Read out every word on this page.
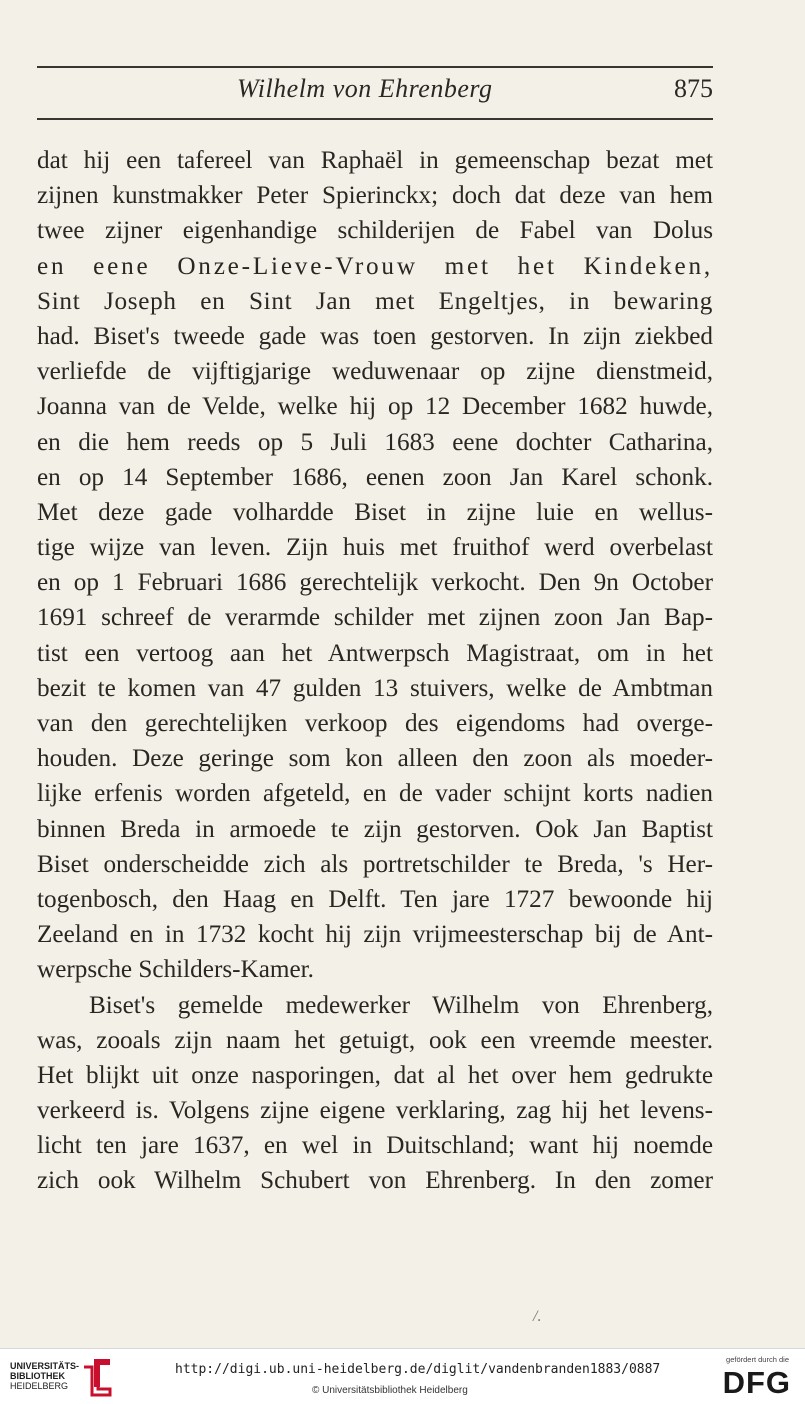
Wilhelm von Ehrenberg	875
dat hij een tafereel van Raphaël in gemeenschap bezat met
zijnen kunstmakker Peter Spierinckx; doch dat deze van hem
twee zijner eigenhandige schilderijen de Fabel van Dolus
en eene Onze-Lieve-Vrouw met het Kindeken,
Sint Joseph en Sint Jan met Engeltjes, in bewaring
had. Biset's tweede gade was toen gestorven. In zijn ziekbed
verliefde de vijftigjarige weduwenaar op zijne dienstmeid,
Joanna van de Velde, welke hij op 12 December 1682 huwde,
en die hem reeds op 5 Juli 1683 eene dochter Catharina,
en op 14 September 1686, eenen zoon Jan Karel schonk.
Met deze gade volhardde Biset in zijne luie en wellus-
tige wijze van leven. Zijn huis met fruithof werd overbelast
en op 1 Februari 1686 gerechtelijk verkocht. Den 9n October
1691 schreef de verarmde schilder met zijnen zoon Jan Bap-
tist een vertoog aan het Antwerpsch Magistraat, om in het
bezit te komen van 47 gulden 13 stuivers, welke de Ambtman
van den gerechtelijken verkoop des eigendoms had overge-
houden. Deze geringe som kon alleen den zoon als moeder-
lijke erfenis worden afgeteld, en de vader schijnt korts nadien
binnen Breda in armoede te zijn gestorven. Ook Jan Baptist
Biset onderscheidde zich als portretschilder te Breda, 's Her-
togenbosch, den Haag en Delft. Ten jare 1727 bewoonde hij
Zeeland en in 1732 kocht hij zijn vrijmeesterschap bij de Ant-
werpsche Schilders-Kamer.
Biset's gemelde medewerker Wilhelm von Ehrenberg,
was, zooals zijn naam het getuigt, ook een vreemde meester.
Het blijkt uit onze nasporingen, dat al het over hem gedrukte
verkeerd is. Volgens zijne eigene verklaring, zag hij het levens-
licht ten jare 1637, en wel in Duitschland; want hij noemde
zich ook Wilhelm Schubert von Ehrenberg. In den zomer
/.
UNIVERSITÄTS-
BIBLIOTHEK
HEIDELBERG
http://digi.ub.uni-heidelberg.de/diglit/vandenbranden1883/0887
© Universitätsbibliothek Heidelberg
gefördert durch die
DFG
